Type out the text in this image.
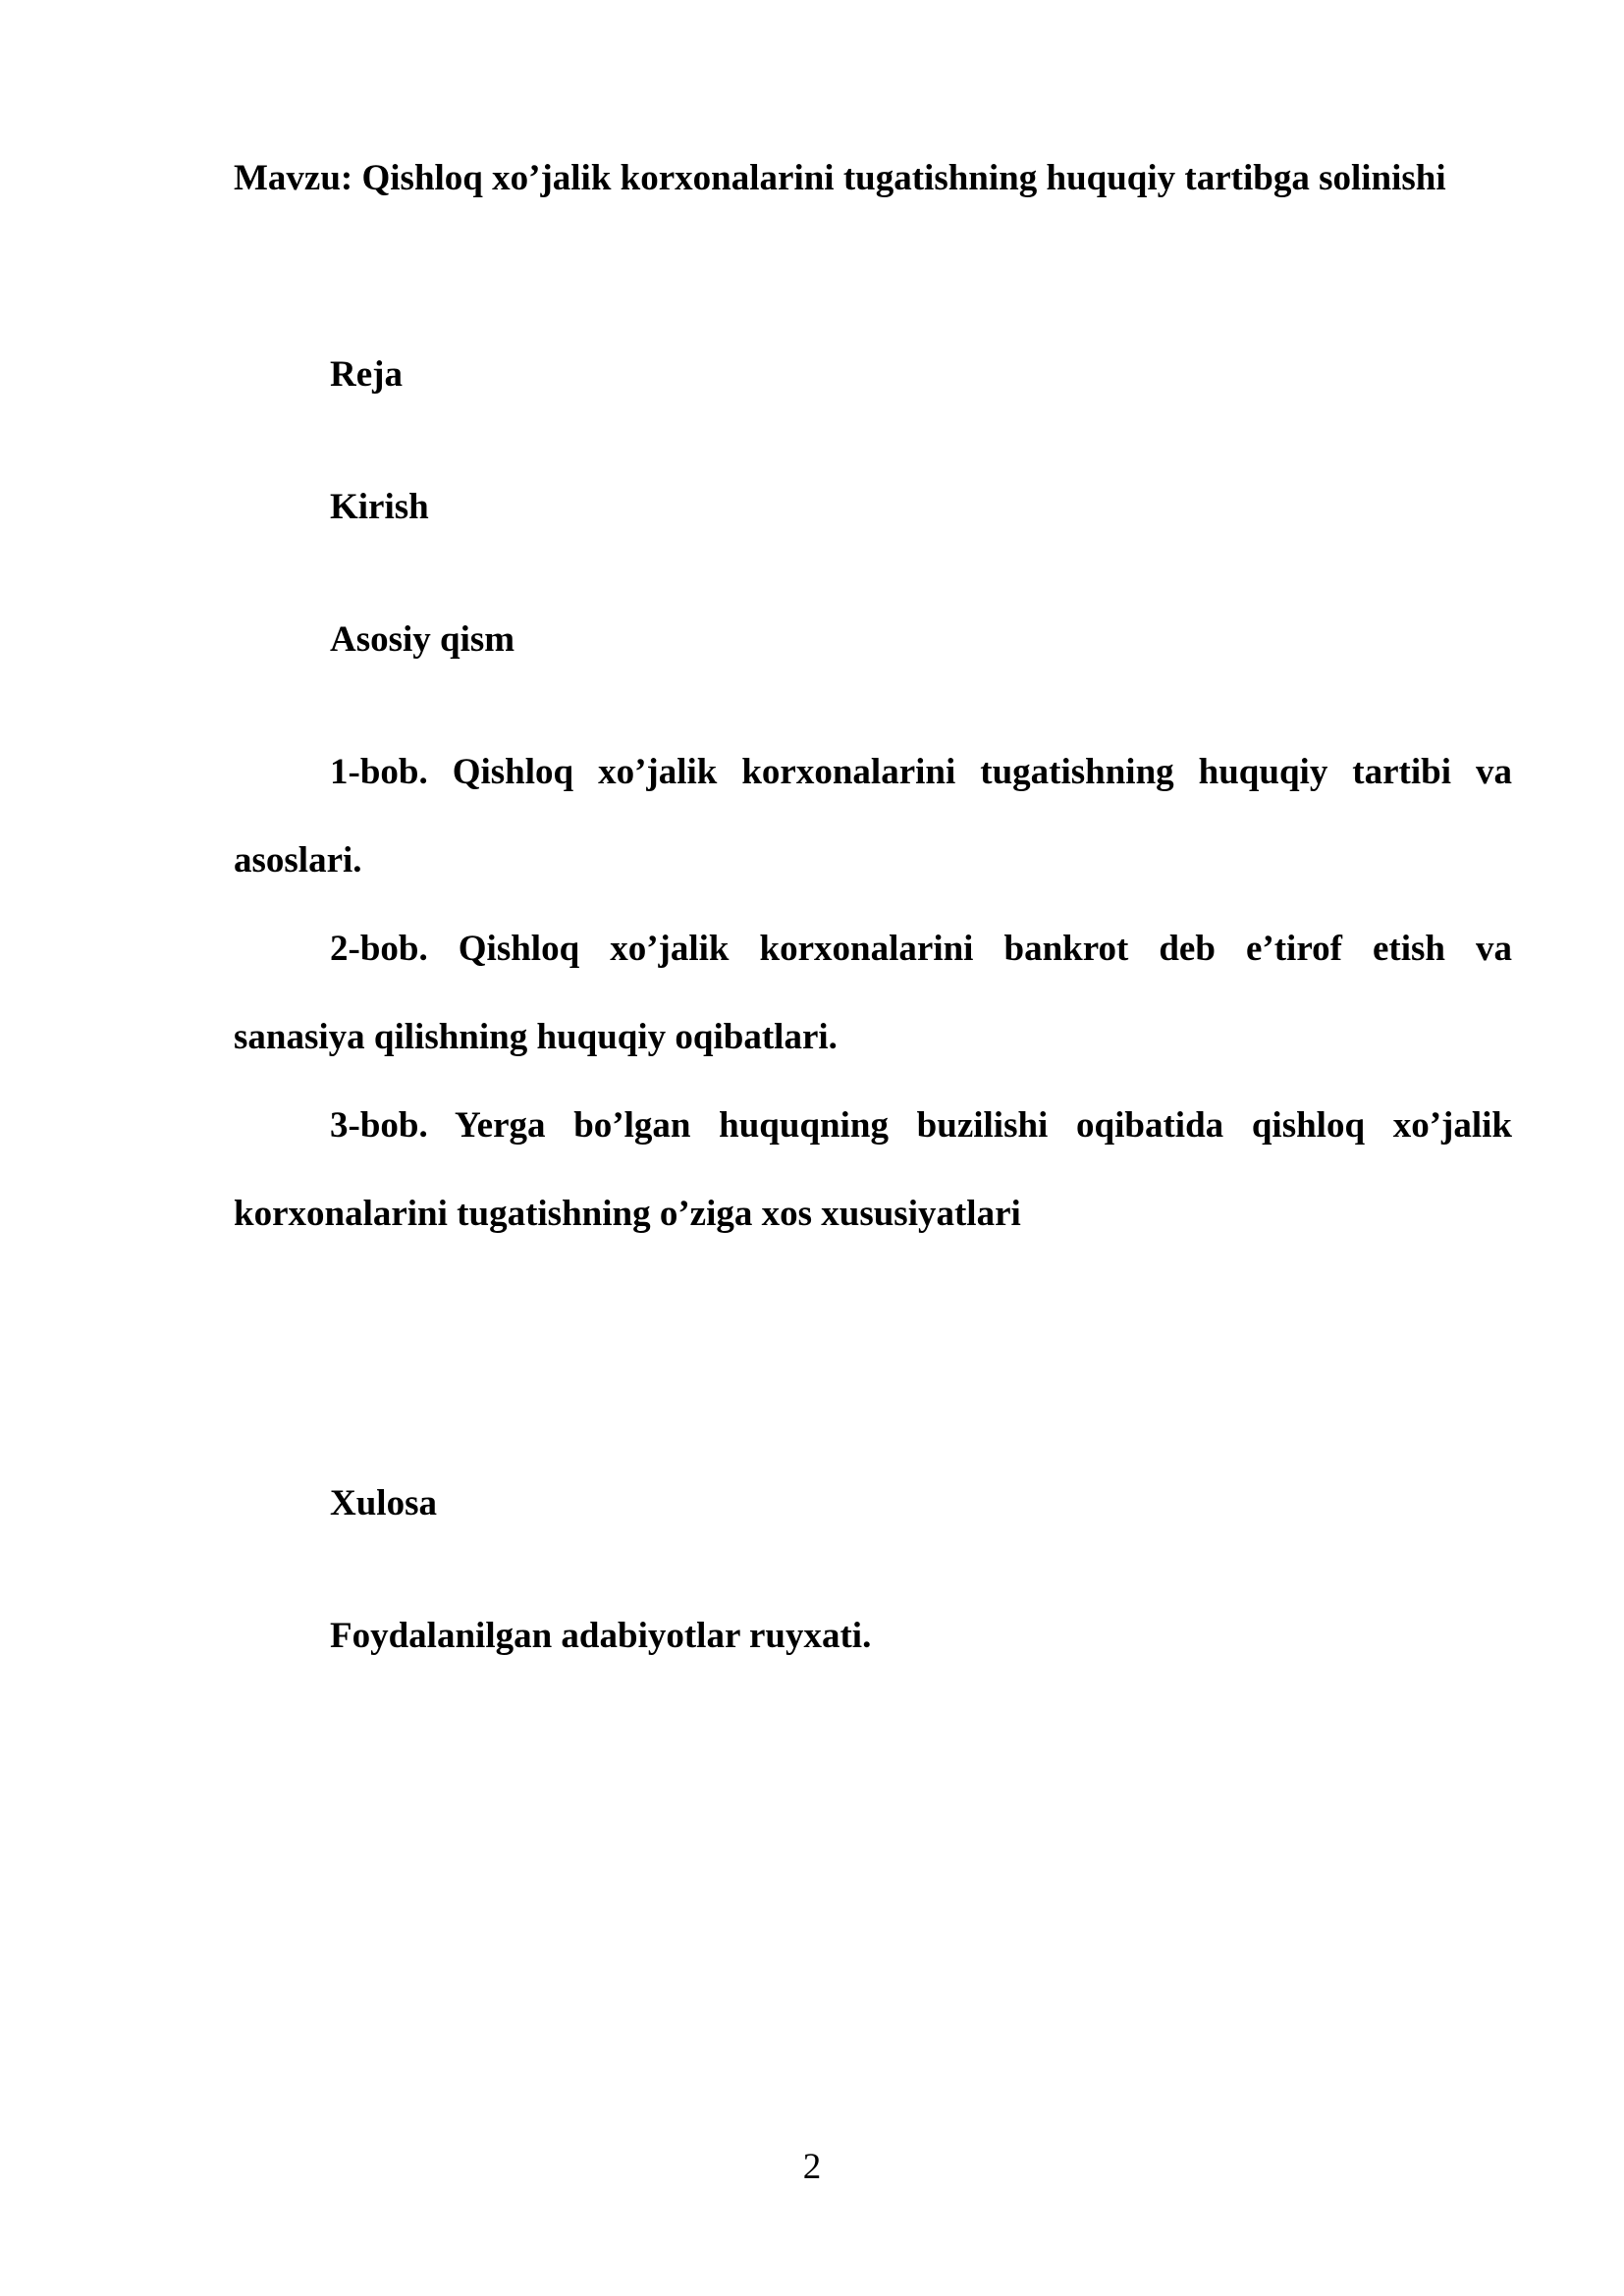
Mavzu: Qishloq xo’jalik korxonalarini tugatishning huquqiy tartibga solinishi
Reja
Kirish
Asosiy qism
1-bob. Qishloq xo’jalik korxonalarini tugatishning huquqiy tartibi va
asoslari.
2-bob. Qishloq xo’jalik korxonalarini bankrot deb e’tirof etish va
sanasiya qilishning huquqiy oqibatlari.
3-bob. Yerga bo’lgan huquqning buzilishi oqibatida qishloq xo’jalik
korxonalarini tugatishning o’ziga xos xususiyatlari
Xulosa
Foydalanilgan adabiyotlar ruyxati.
2
